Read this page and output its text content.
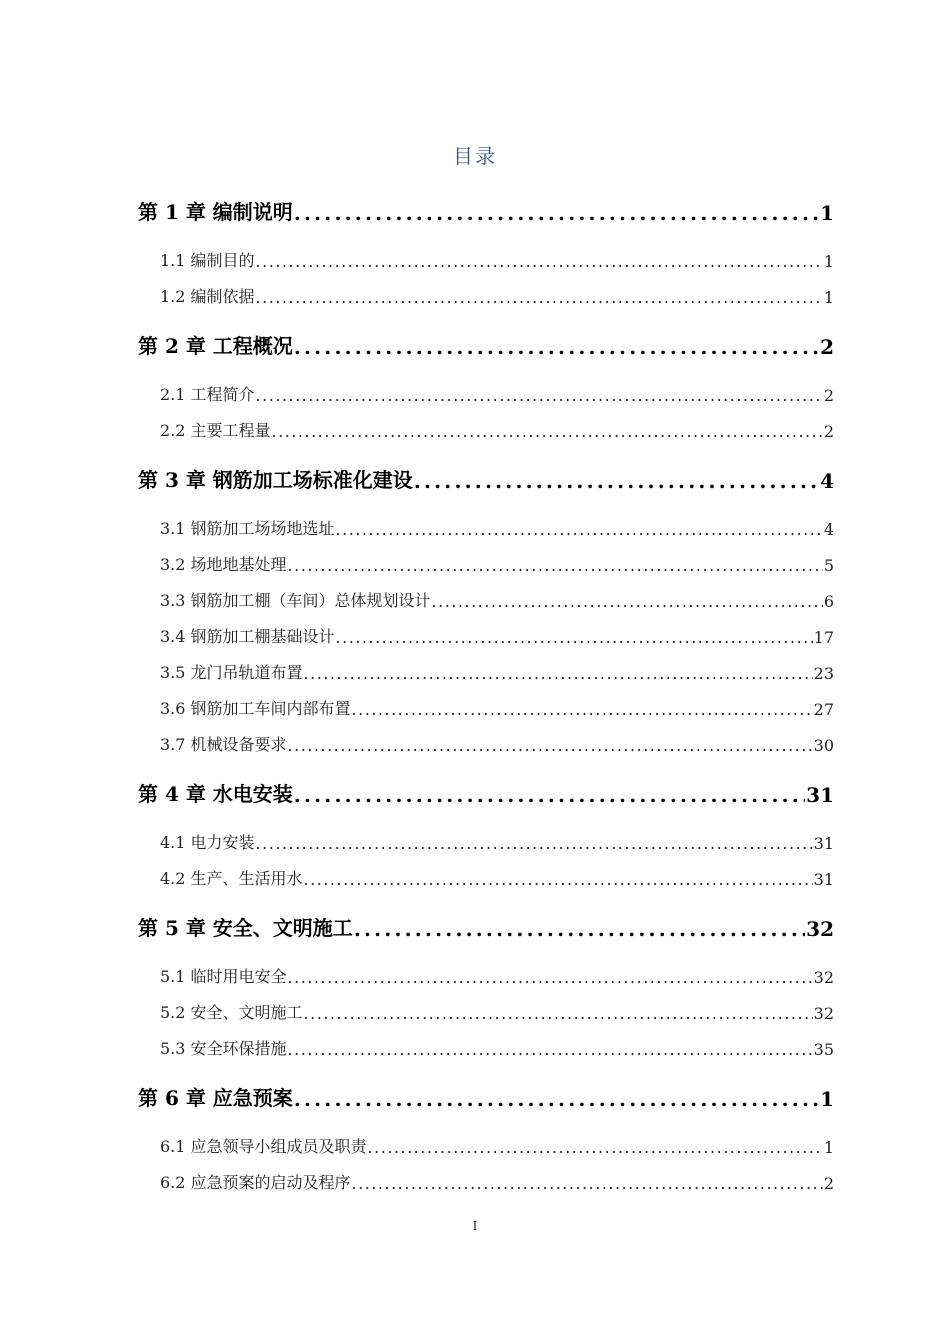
目录
第 1 章 编制说明 .....	1
1.1 编制目的 .....	1
1.2 编制依据 .....	1
第 2 章 工程概况 .....	2
2.1 工程简介 .....	2
2.2 主要工程量 .....	2
第 3 章 钢筋加工场标准化建设 .....	4
3.1 钢筋加工场场地选址 .....	4
3.2 场地地基处理 .....	5
3.3 钢筋加工棚（车间）总体规划设计 .....	6
3.4 钢筋加工棚基础设计 .....	17
3.5 龙门吊轨道布置 .....	23
3.6 钢筋加工车间内部布置 .....	27
3.7 机械设备要求 .....	30
第 4 章 水电安装 .....	31
4.1 电力安装 .....	31
4.2 生产、生活用水 .....	31
第 5 章 安全、文明施工 .....	32
5.1 临时用电安全 .....	32
5.2 安全、文明施工 .....	32
5.3 安全环保措施 .....	35
第 6 章 应急预案 .....	1
6.1 应急领导小组成员及职责 .....	1
6.2 应急预案的启动及程序 .....	2
I
